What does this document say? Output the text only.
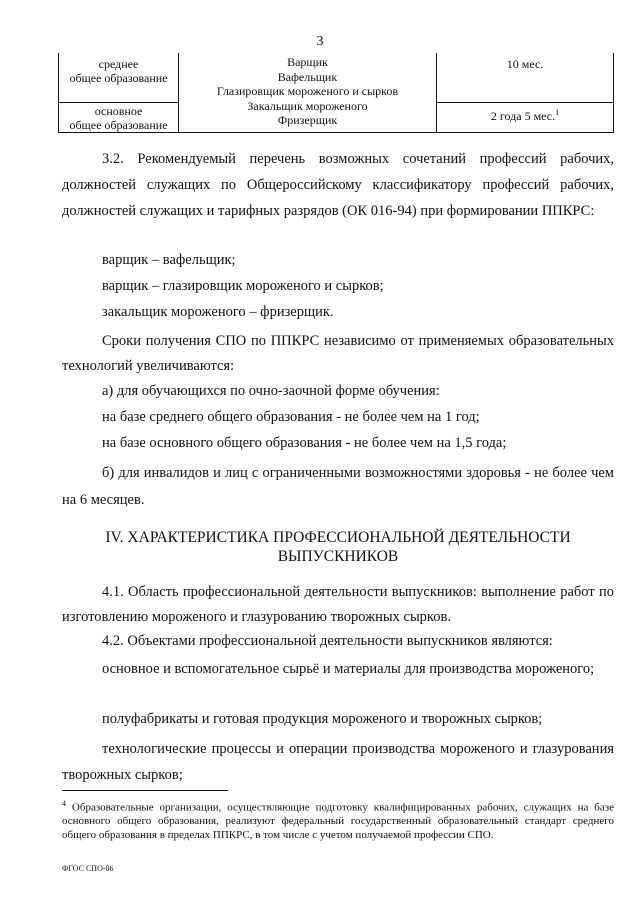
3
среднее
общее образование
основное
общее образование
Варщик
Вафельщик
Глазировщик мороженого и сырков
Закальщик мороженого
Фризерщик
10 мес.
2 года 5 мес.$^1$
3.2. Рекомендуемый перечень возможных сочетаний профессий рабочих, должностей служащих по Общероссийскому классификатору профессий рабочих, должностей служащих и тарифных разрядов (ОК 016-94) при формировании ППКРС:
варщик – вафельщик;
варщик – глазировщик мороженого и сырков;
закальщик мороженого – фризерщик.
Сроки получения СПО по ППКРС независимо от применяемых образовательных технологий увеличиваются:
а) для обучающихся по очно-заочной форме обучения:
на базе среднего общего образования - не более чем на 1 год;
на базе основного общего образования - не более чем на 1,5 года;
б) для инвалидов и лиц с ограниченными возможностями здоровья - не более чем на 6 месяцев.
IV. ХАРАКТЕРИСТИКА ПРОФЕССИОНАЛЬНОЙ ДЕЯТЕЛЬНОСТИ
ВЫПУСКНИКОВ
4.1. Область профессиональной деятельности выпускников: выполнение работ по изготовлению мороженого и глазурованию творожных сырков.
4.2. Объектами профессиональной деятельности выпускников являются:
основное и вспомогательное сырьё и материалы для производства мороженого;
полуфабрикаты и готовая продукция мороженого и творожных сырков;
технологические процессы и операции производства мороженого и глазурования творожных сырков;
$^4$ Образовательные организации, осуществляющие подготовку квалифицированных рабочих, служащих на базе основного общего образования, реализуют федеральный государственный образовательный стандарт среднего общего образования в пределах ППКРС, в том числе с учетом получаемой профессии СПО.
ФГОС СПО-06
